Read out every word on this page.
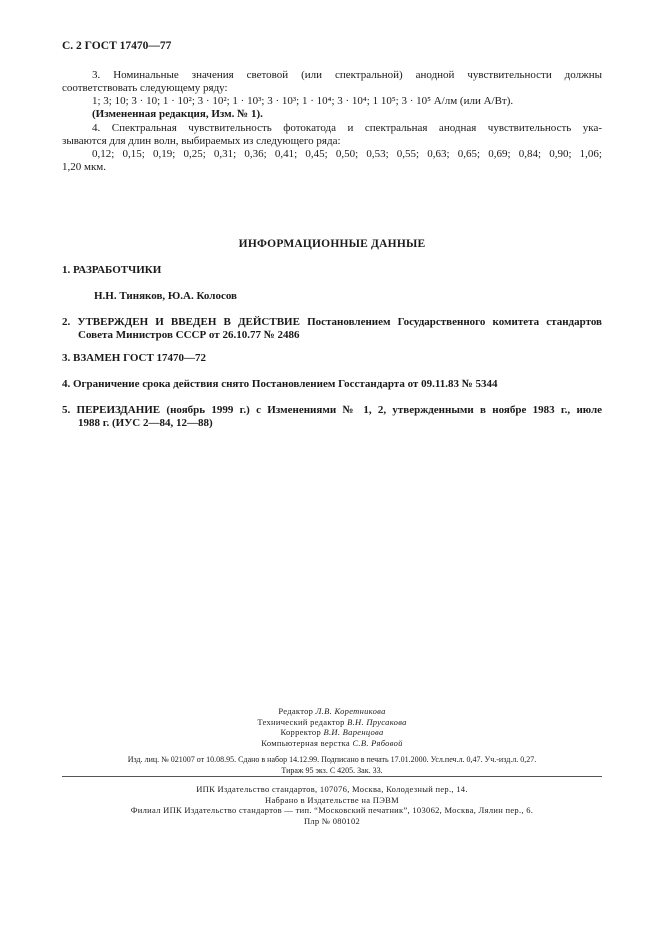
С. 2 ГОСТ 17470—77

3. Номинальные значения световой (или спектральной) анодной чувствительности должны

соответствовать следующему ряду:

1; 3; 10; 3 · 10; 1 · 10²; 3 · 10²; 1 · 10³; 3 · 10³; 1 · 10⁴; 3 · 10⁴; 1 10⁵; 3 · 10⁵ А/лм (или А/Вт).

(Измененная редакция, Изм. № 1).

4. Спектральная чувствительность фотокатода и спектральная анодная чувствительность ука-

зываются для длин волн, выбираемых из следующего ряда:

0,12; 0,15; 0,19; 0,25; 0,31; 0,36; 0,41; 0,45; 0,50; 0,53; 0,55; 0,63; 0,65; 0,69; 0,84; 0,90; 1,06;

1,20 мкм.

ИНФОРМАЦИОННЫЕ ДАННЫЕ
1. РАЗРАБОТЧИКИ
Н.Н. Тиняков, Ю.А. Колосов
2. УТВЕРЖДЕН И ВВЕДЕН В ДЕЙСТВИЕ Постановлением Государственного комитета стандартов
Совета Министров СССР от 26.10.77 № 2486
3. ВЗАМЕН ГОСТ 17470—72
4. Ограничение срока действия снято Постановлением Госстандарта от 09.11.83 № 5344
5. ПЕРЕИЗДАНИЕ (ноябрь 1999 г.) с Изменениями № 1, 2, утвержденными в ноябре 1983 г., июле
1988 г. (ИУС 2—84, 12—88)
Редактор Л.В. Коретникова
Технический редактор В.Н. Прусакова
Корректор В.И. Варенцова
Компьютерная верстка С.В. Рябовой
Изд. лиц. № 021007 от 10.08.95. Сдано в набор 14.12.99. Подписано в печать 17.01.2000. Усл.печ.л. 0,47. Уч.-изд.л. 0,27.
Тираж 95 экз. С 4205. Зак. 33.
ИПК Издательство стандартов, 107076, Москва, Колодезный пер., 14.
Набрано в Издательстве на ПЭВМ
Филиал ИПК Издательство стандартов — тип. “Московский печатник”, 103062, Москва, Лялин пер., 6.
Плр № 080102
